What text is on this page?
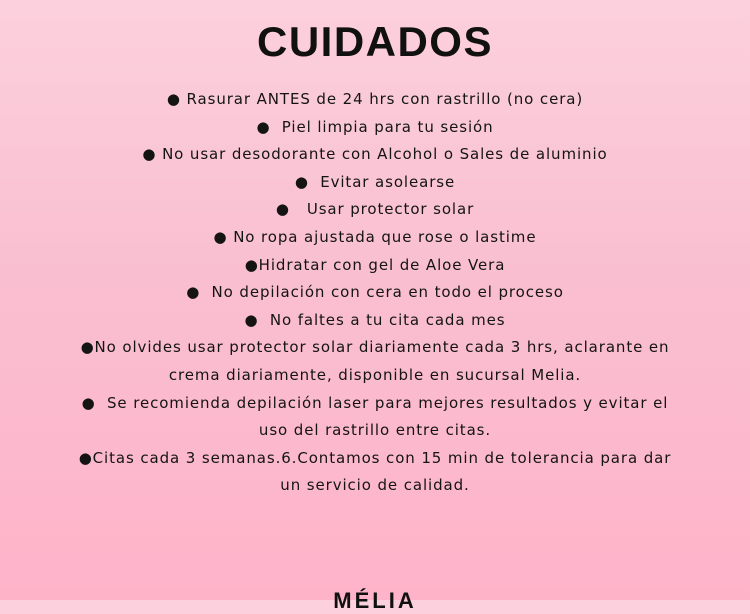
CUIDADOS
● Rasurar ANTES de 24 hrs con rastrillo (no cera)
●  Piel limpia para tu sesión
● No usar desodorante con Alcohol o Sales de aluminio
●  Evitar asolearse
●   Usar protector solar
● No ropa ajustada que rose o lastime
●Hidratar con gel de Aloe Vera
●  No depilación con cera en todo el proceso
●  No faltes a tu cita cada mes
●No olvides usar protector solar diariamente cada 3 hrs, aclarante en
crema diariamente, disponible en sucursal Melia.
●  Se recomienda depilación laser para mejores resultados y evitar el
uso del rastrillo entre citas.
●Citas cada 3 semanas.6.Contamos con 15 min de tolerancia para dar
un servicio de calidad.
MÉLIA
